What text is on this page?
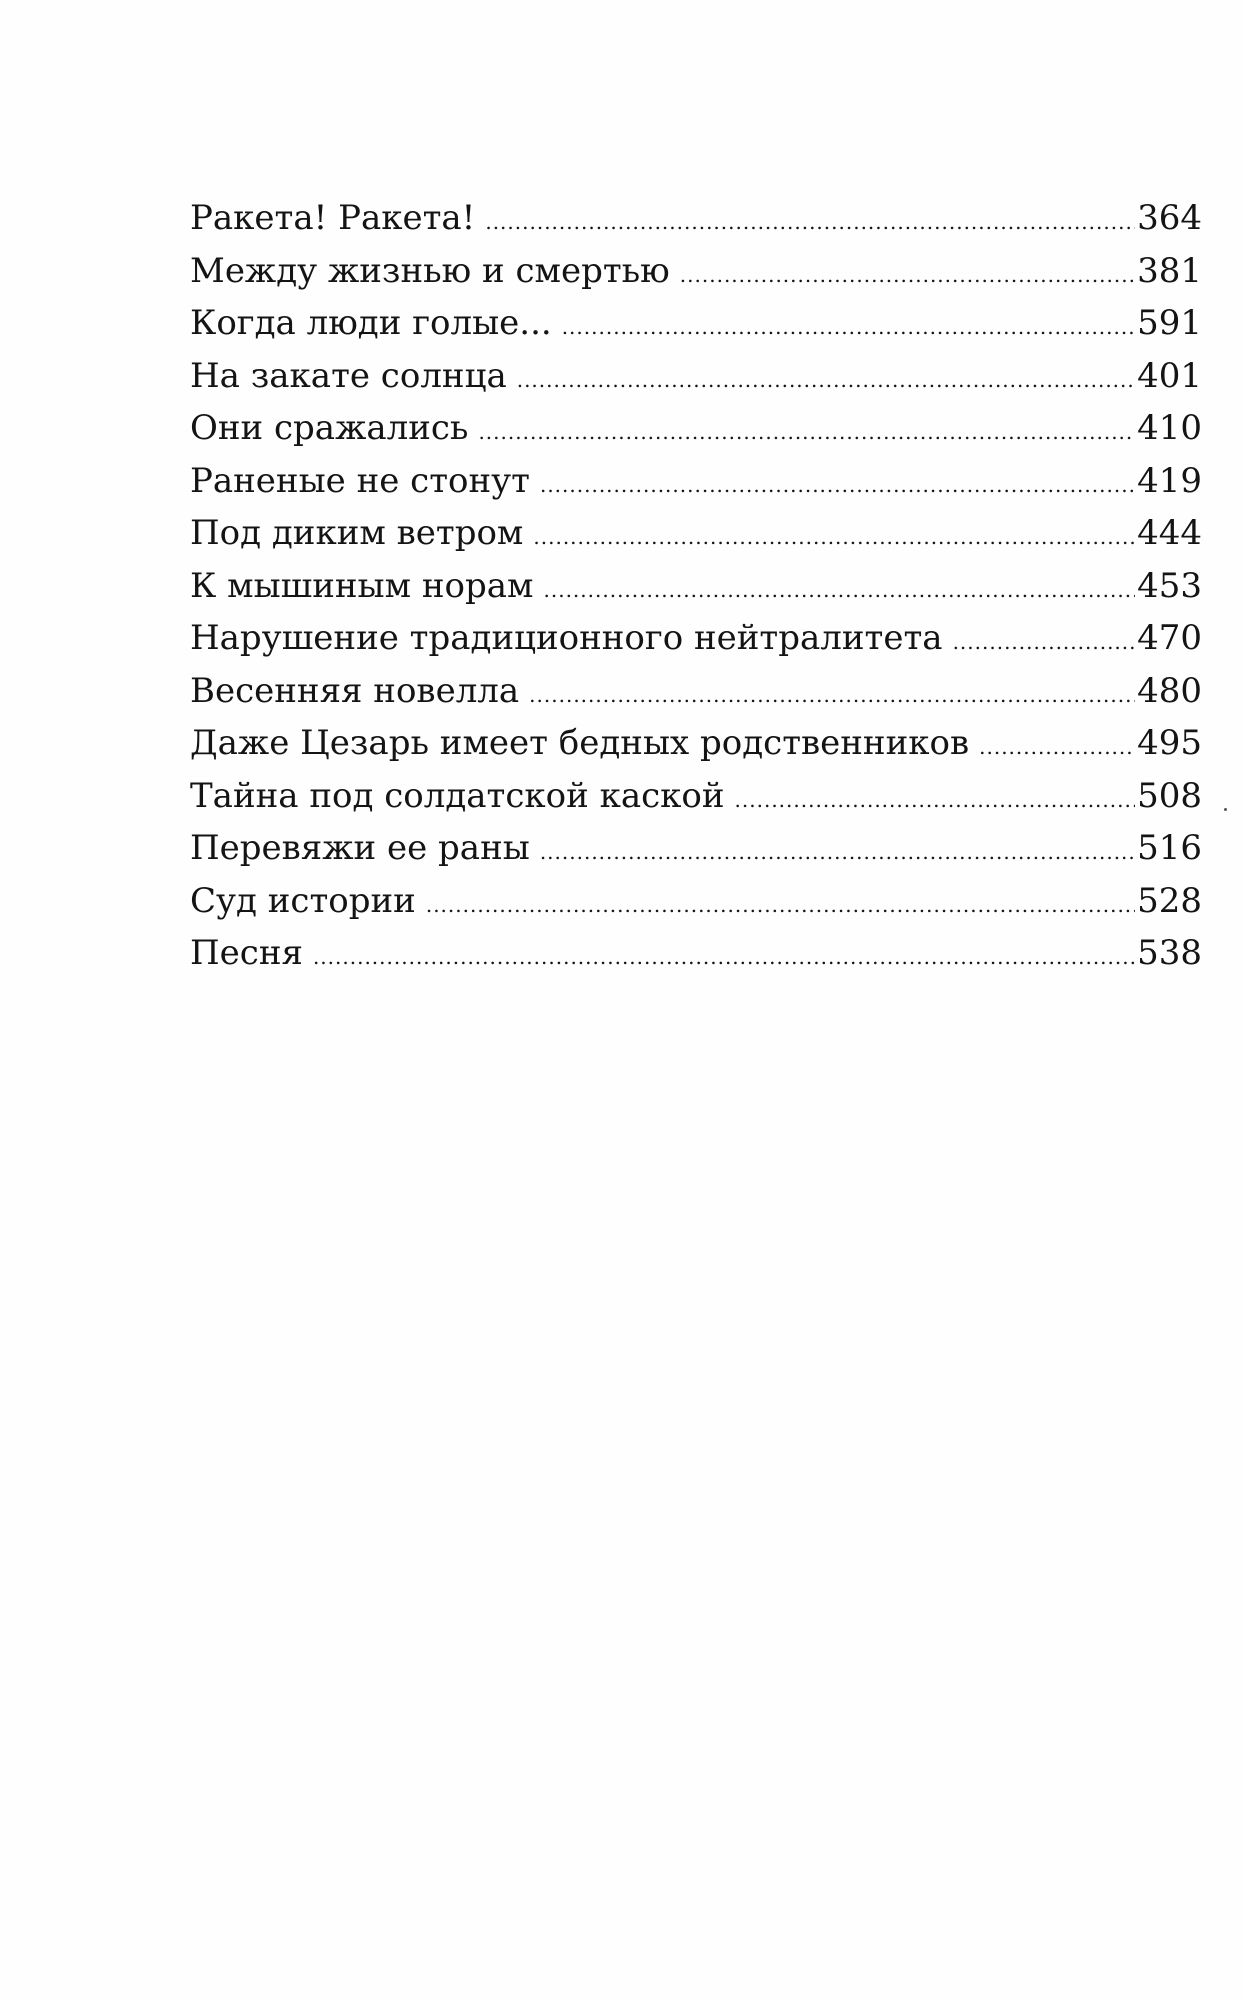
Ракета! Ракета! .....	364
Между жизнью и смертью .....	381
Когда люди голые... .....	591
На закате солнца .....	401
Они сражались .....	410
Раненые не стонут .....	419
Под диким ветром .....	444
К мышиным норам .....	453
Нарушение традиционного нейтралитета .....	470
Весенняя новелла .....	480
Даже Цезарь имеет бедных родственников .....	495
Тайна под солдатской каской .....	508
Перевяжи ее раны .....	516
Суд истории .....	528
Песня .....	538
